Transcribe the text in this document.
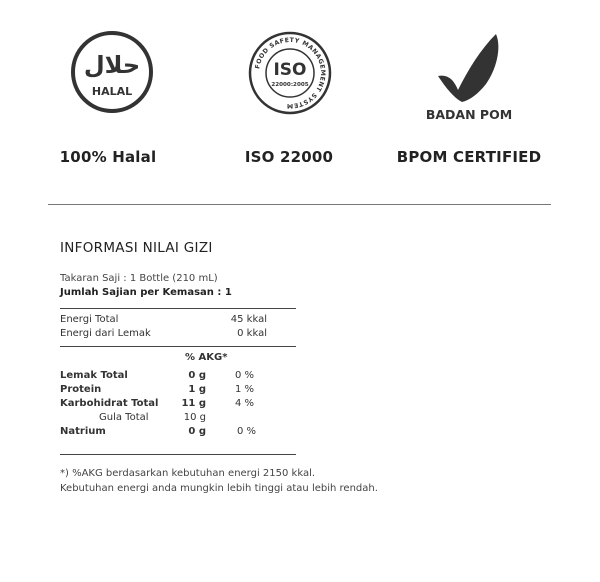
حلال
HALAL
100% Halal
FOOD SAFETY MANAGEMENT SYSTEM
ISO
22000:2005
ISO 22000
BADAN POM
BPOM CERTIFIED
INFORMASI NILAI GIZI
Takaran Saji : 1 Bottle (210 mL)
Jumlah Sajian per Kemasan : 1
Energi Total	45 kkal
Energi dari Lemak	0 kkal
% AKG*
Lemak Total	0 g	0 %
Protein	1 g	1 %
Karbohidrat Total	11 g	4 %
Gula Total	10 g
Natrium	0 g	0 %
*) %AKG berdasarkan kebutuhan energi 2150 kkal.
Kebutuhan energi anda mungkin lebih tinggi atau lebih rendah.
